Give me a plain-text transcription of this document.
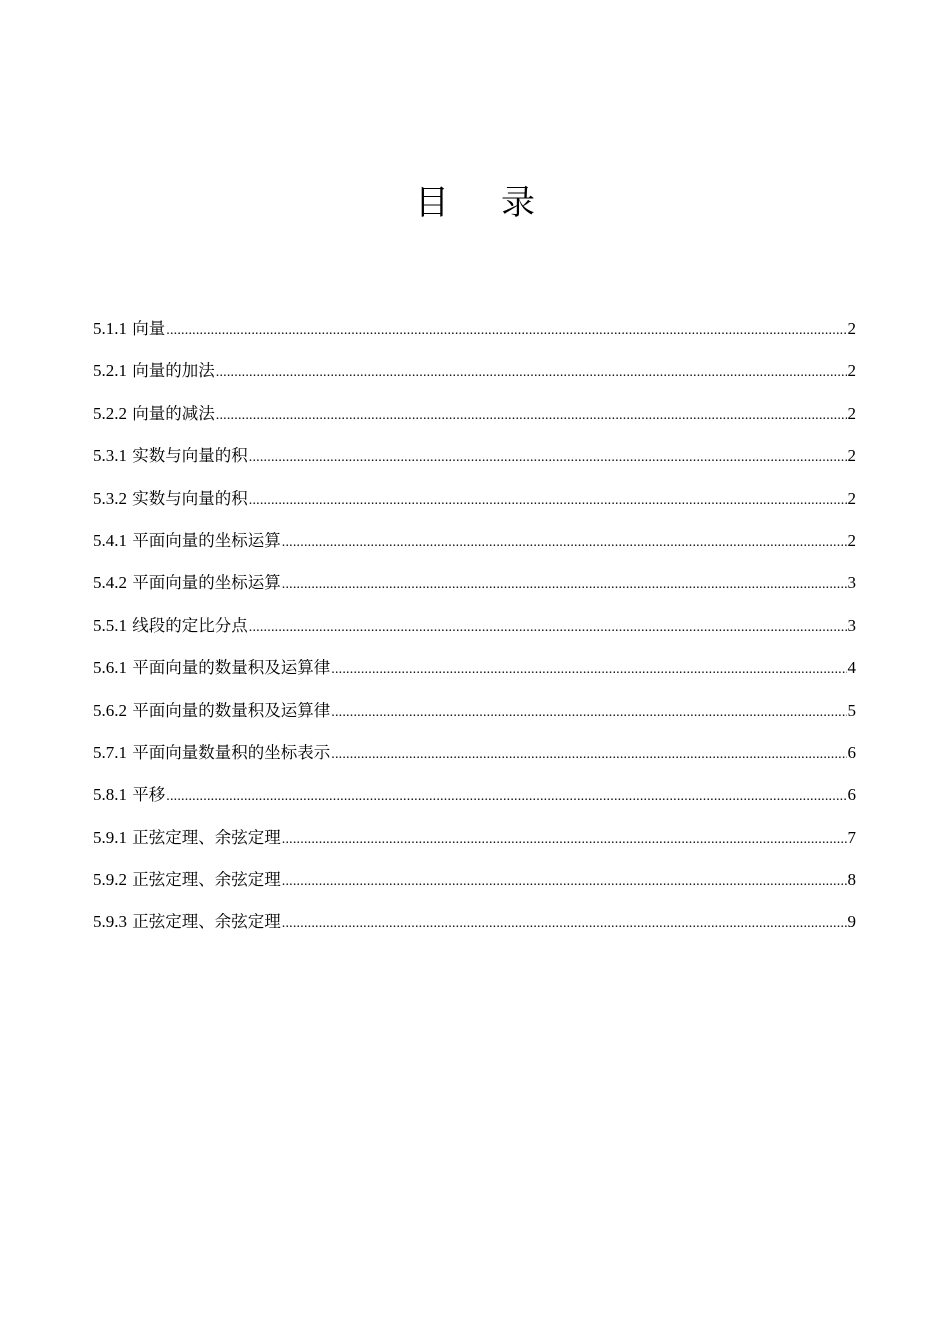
目录
5.1.1 向量 .....	2
5.2.1 向量的加法 .....	2
5.2.2 向量的减法 .....	2
5.3.1 实数与向量的积 .....	2
5.3.2 实数与向量的积 .....	2
5.4.1 平面向量的坐标运算 .....	2
5.4.2 平面向量的坐标运算 .....	3
5.5.1 线段的定比分点 .....	3
5.6.1 平面向量的数量积及运算律 .....	4
5.6.2 平面向量的数量积及运算律 .....	5
5.7.1 平面向量数量积的坐标表示 .....	6
5.8.1 平移 .....	6
5.9.1 正弦定理、余弦定理 .....	7
5.9.2 正弦定理、余弦定理 .....	8
5.9.3 正弦定理、余弦定理 .....	9
